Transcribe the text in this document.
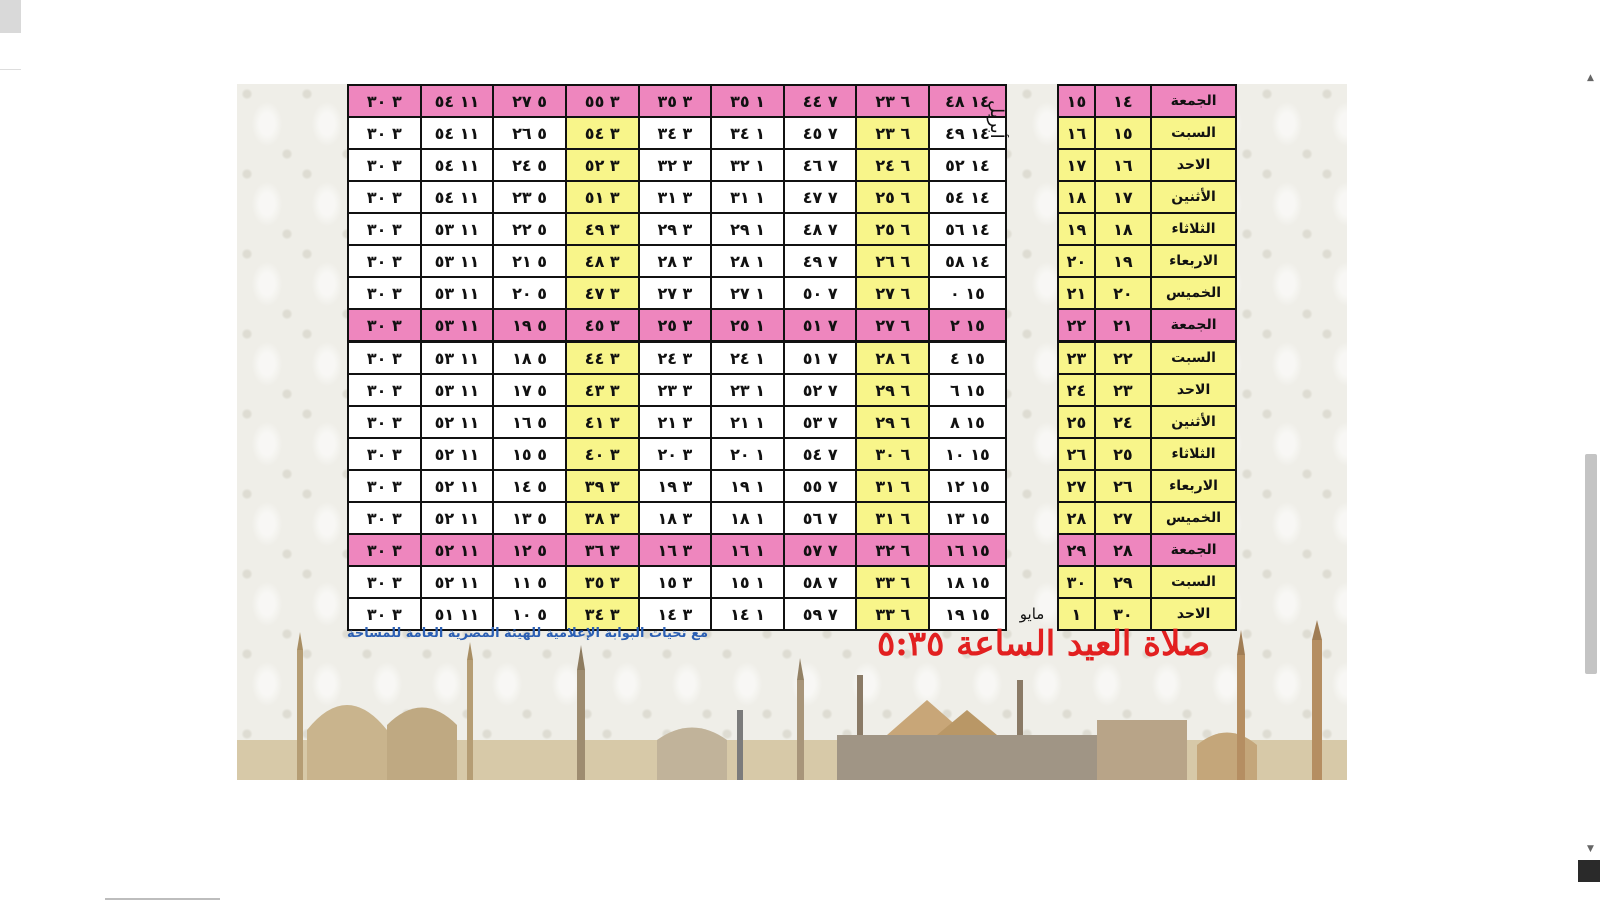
٣ ٣٠	١١ ٥٤	٥ ٢٧	٣ ٥٥	٣ ٣٥	١ ٣٥	٧ ٤٤	٦ ٢٣	١٤ ٤٨		١٥	١٤	الجمعة
٣ ٣٠	١١ ٥٤	٥ ٢٦	٣ ٥٤	٣ ٣٤	١ ٣٤	٧ ٤٥	٦ ٢٣	١٤ ٤٩		١٦	١٥	السبت
٣ ٣٠	١١ ٥٤	٥ ٢٤	٣ ٥٢	٣ ٣٢	١ ٣٢	٧ ٤٦	٦ ٢٤	١٤ ٥٢		١٧	١٦	الاحد
٣ ٣٠	١١ ٥٤	٥ ٢٣	٣ ٥١	٣ ٣١	١ ٣١	٧ ٤٧	٦ ٢٥	١٤ ٥٤		١٨	١٧	الأثنين
٣ ٣٠	١١ ٥٣	٥ ٢٢	٣ ٤٩	٣ ٢٩	١ ٢٩	٧ ٤٨	٦ ٢٥	١٤ ٥٦		١٩	١٨	الثلاثاء
٣ ٣٠	١١ ٥٣	٥ ٢١	٣ ٤٨	٣ ٢٨	١ ٢٨	٧ ٤٩	٦ ٢٦	١٤ ٥٨		٢٠	١٩	الاربعاء
٣ ٣٠	١١ ٥٣	٥ ٢٠	٣ ٤٧	٣ ٢٧	١ ٢٧	٧ ٥٠	٦ ٢٧	١٥ ٠		٢١	٢٠	الخميس
٣ ٣٠	١١ ٥٣	٥ ١٩	٣ ٤٥	٣ ٢٥	١ ٢٥	٧ ٥١	٦ ٢٧	١٥ ٢		٢٢	٢١	الجمعة
٣ ٣٠	١١ ٥٣	٥ ١٨	٣ ٤٤	٣ ٢٤	١ ٢٤	٧ ٥١	٦ ٢٨	١٥ ٤		٢٣	٢٢	السبت
٣ ٣٠	١١ ٥٣	٥ ١٧	٣ ٤٣	٣ ٢٣	١ ٢٣	٧ ٥٢	٦ ٢٩	١٥ ٦		٢٤	٢٣	الاحد
٣ ٣٠	١١ ٥٢	٥ ١٦	٣ ٤١	٣ ٢١	١ ٢١	٧ ٥٣	٦ ٢٩	١٥ ٨		٢٥	٢٤	الأثنين
٣ ٣٠	١١ ٥٢	٥ ١٥	٣ ٤٠	٣ ٢٠	١ ٢٠	٧ ٥٤	٦ ٣٠	١٥ ١٠		٢٦	٢٥	الثلاثاء
٣ ٣٠	١١ ٥٢	٥ ١٤	٣ ٣٩	٣ ١٩	١ ١٩	٧ ٥٥	٦ ٣١	١٥ ١٢		٢٧	٢٦	الاربعاء
٣ ٣٠	١١ ٥٢	٥ ١٣	٣ ٣٨	٣ ١٨	١ ١٨	٧ ٥٦	٦ ٣١	١٥ ١٣		٢٨	٢٧	الخميس
٣ ٣٠	١١ ٥٢	٥ ١٢	٣ ٣٦	٣ ١٦	١ ١٦	٧ ٥٧	٦ ٣٢	١٥ ١٦		٢٩	٢٨	الجمعة
٣ ٣٠	١١ ٥٢	٥ ١١	٣ ٣٥	٣ ١٥	١ ١٥	٧ ٥٨	٦ ٣٣	١٥ ١٨		٣٠	٢٩	السبت
٣ ٣٠	١١ ٥١	٥ ١٠	٣ ٣٤	٣ ١٤	١ ١٤	٧ ٥٩	٦ ٣٣	١٥ ١٩	مايو	١	٣٠	الاحد
أبريل
مع تحيات البوابة الإعلامية للهيئة المصرية العامة للمساحة	صلاة العيد الساعة ٥:٣٥
▲
▼
